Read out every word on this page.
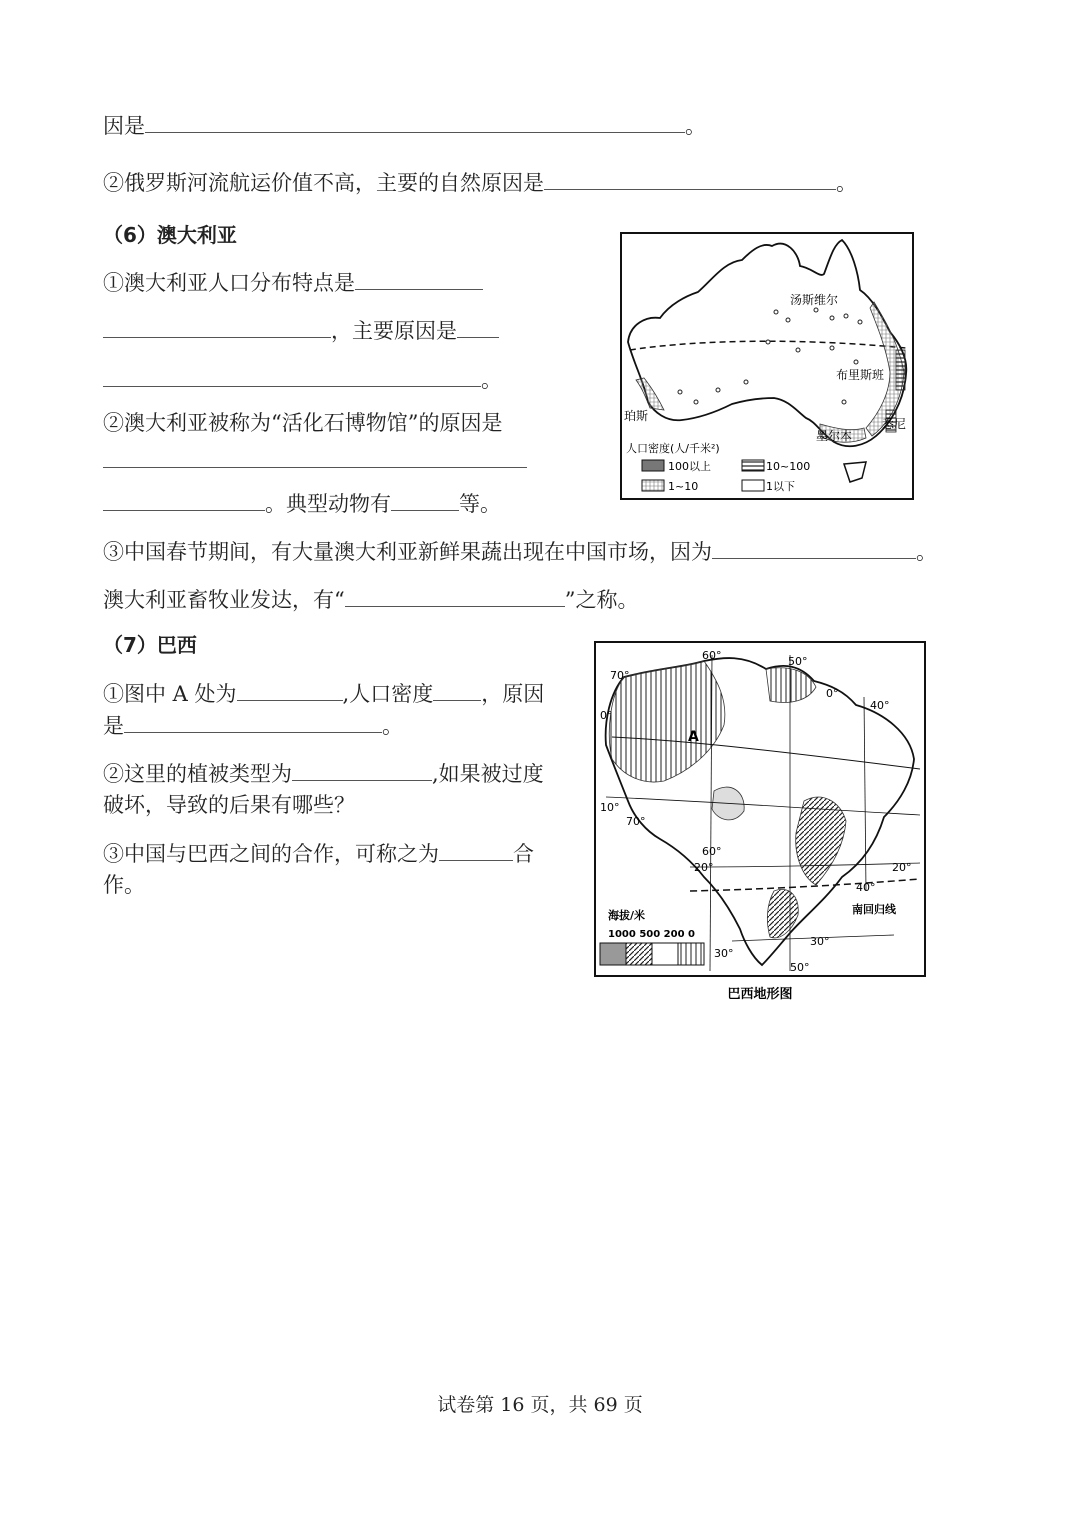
因是	。
②俄罗斯河流航运价值不高，主要的自然原因是	。
（6）澳大利亚
①澳大利亚人口分布特点是
，主要原因是
。
②澳大利亚被称为“活化石博物馆”的原因是
。典型动物有	等。
③中国春节期间，有大量澳大利亚新鲜果蔬出现在中国市场，因为	。
澳大利亚畜牧业发达，有“	”之称。
汤斯维尔
布里斯班
珀斯
墨尔本
悉尼
人口密度(人/千米²)
100以上	10~100
1~10	1以下
（7）巴西
①图中 A 处为	,人口密度 ，原因
是	。
②这里的植被类型为	,如果被过度
破坏，导致的后果有哪些？
③中国与巴西之间的合作，可称之为	合
作。
A
60°	50°
70°
0°
0°
40°
10°
70°
60°
20°	20°
40°
南回归线
30°
30°
50°
海拔/米
1000 500 200 0
巴西地形图
试卷第 16 页，共 69 页
